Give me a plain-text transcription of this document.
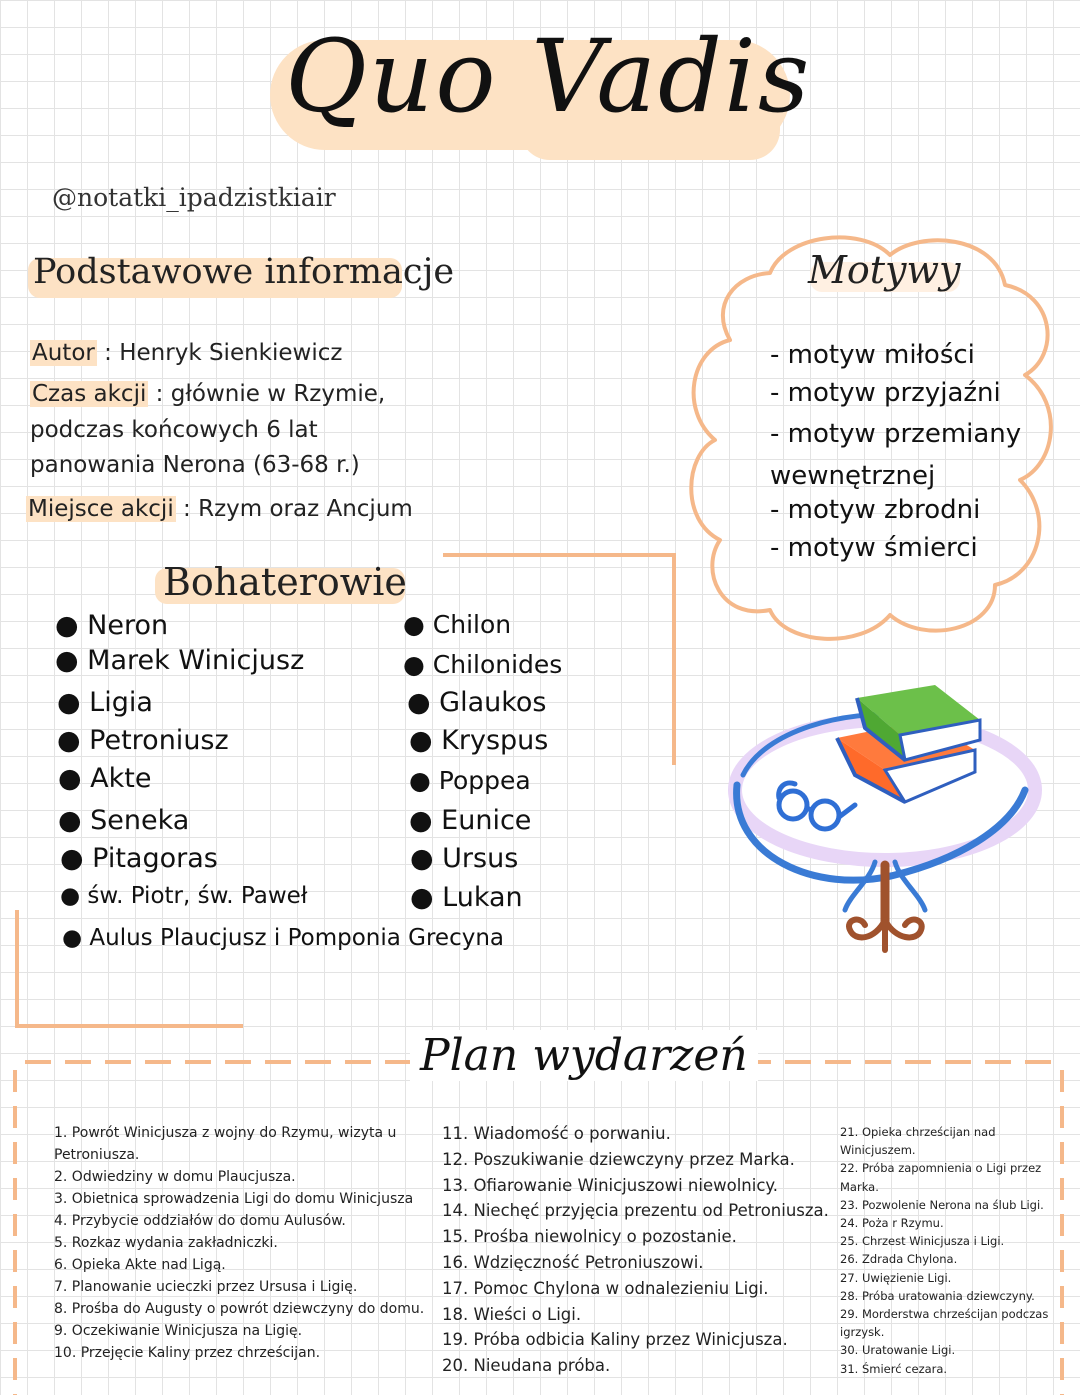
Quo Vadis
@notatki_ipadzistkiair
Podstawowe informacje
Autor : Henryk Sienkiewicz
Czas akcji : głównie w Rzymie,
podczas końcowych 6 lat
panowania Nerona (63-68 r.)
Miejsce akcji : Rzym oraz Ancjum
Motywy
- motyw miłości
- motyw przyjaźni
- motyw przemiany
wewnętrznej
- motyw zbrodni
- motyw śmierci
Bohaterowie
● Neron
● Marek Winicjusz
● Ligia
● Petroniusz
● Akte
● Seneka
● Pitagoras
● św. Piotr, św. Paweł
● Chilon
● Chilonides
● Glaukos
● Kryspus
● Poppea
● Eunice
● Ursus
● Lukan
● Aulus Plaucjusz i Pomponia Grecyna
Plan wydarzeń
1. Powrót Winicjusza z wojny do Rzymu, wizyta u
Petroniusza.
2. Odwiedziny w domu Plaucjusza.
3. Obietnica sprowadzenia Ligi do domu Winicjusza
4. Przybycie oddziałów do domu Aulusów.
5. Rozkaz wydania zakładniczki.
6. Opieka Akte nad Ligą.
7. Planowanie ucieczki przez Ursusa i Ligię.
8. Prośba do Augusty o powrót dziewczyny do domu.
9. Oczekiwanie Winicjusza na Ligię.
10. Przejęcie Kaliny przez chrześcijan.
11. Wiadomość o porwaniu.
12. Poszukiwanie dziewczyny przez Marka.
13. Ofiarowanie Winicjuszowi niewolnicy.
14. Niechęć przyjęcia prezentu od Petroniusza.
15. Prośba niewolnicy o pozostanie.
16. Wdzięczność Petroniuszowi.
17. Pomoc Chylona w odnalezieniu Ligi.
18. Wieści o Ligi.
19. Próba odbicia Kaliny przez Winicjusza.
20. Nieudana próba.
21. Opieka chrześcijan nad
Winicjuszem.
22. Próba zapomnienia o Ligi przez
Marka.
23. Pozwolenie Nerona na ślub Ligi.
24. Poża r Rzymu.
25. Chrzest Winicjusza i Ligi.
26. Zdrada Chylona.
27. Uwięzienie Ligi.
28. Próba uratowania dziewczyny.
29. Morderstwa chrześcijan podczas
igrzysk.
30. Uratowanie Ligi.
31. Śmierć cezara.
